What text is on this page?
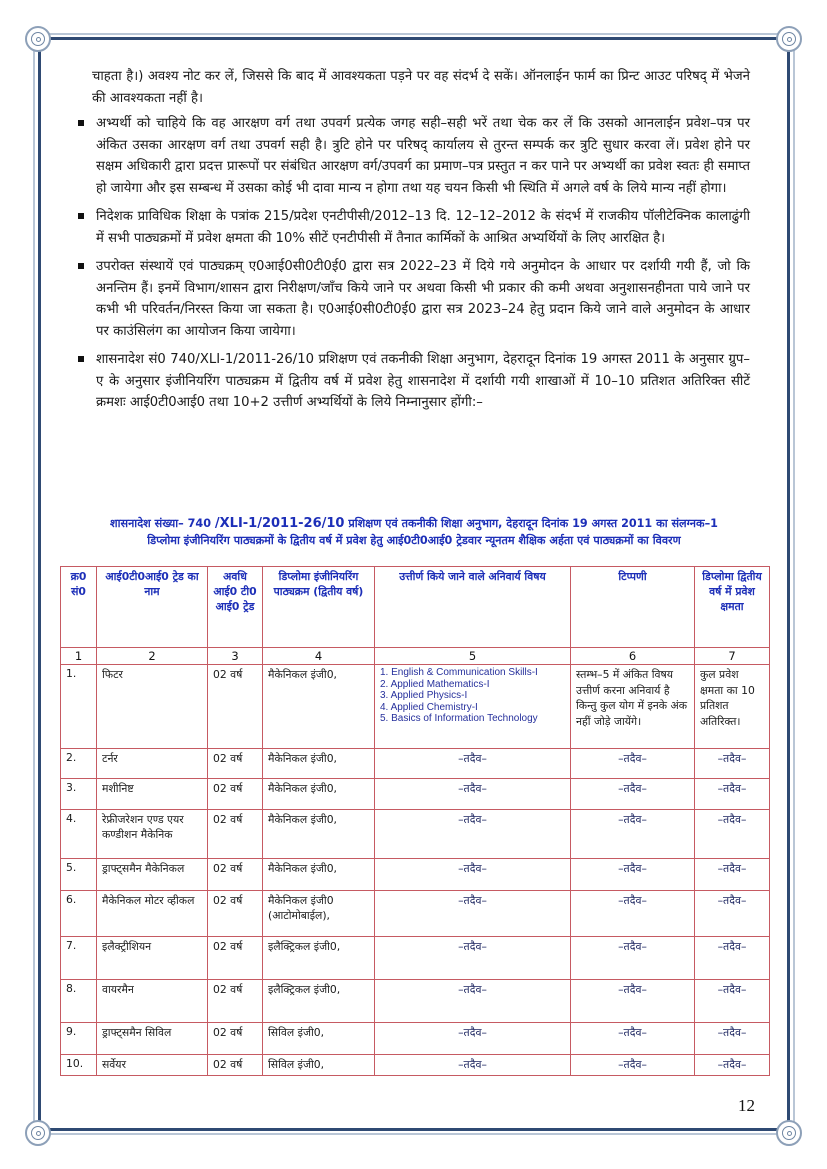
चाहता है।) अवश्य नोट कर लें, जिससे कि बाद में आवश्यकता पड़ने पर वह संदर्भ दे सकें। ऑनलाईन फार्म का प्रिन्ट आउट परिषद् में भेजने की आवश्यकता नहीं है।

अभ्यर्थी को चाहिये कि वह आरक्षण वर्ग तथा उपवर्ग प्रत्येक जगह सही–सही भरें तथा चेक कर लें कि उसको आनलाईन प्रवेश–पत्र पर अंकित उसका आरक्षण वर्ग तथा उपवर्ग सही है। त्रुटि होने पर परिषद् कार्यालय से तुरन्त सम्पर्क कर त्रुटि सुधार करवा लें। प्रवेश होने पर सक्षम अधिकारी द्वारा प्रदत्त प्रारूपों पर संबंधित आरक्षण वर्ग/उपवर्ग का प्रमाण–पत्र प्रस्तुत न कर पाने पर अभ्यर्थी का प्रवेश स्वतः ही समाप्त हो जायेगा और इस सम्बन्ध में उसका कोई भी दावा मान्य न होगा तथा यह चयन किसी भी स्थिति में अगले वर्ष के लिये मान्य नहीं होगा।

निदेशक प्राविधिक शिक्षा के पत्रांक 215/प्रदेश एनटीपीसी/2012–13 दि. 12–12–2012 के संदर्भ में राजकीय पॉलीटेक्निक कालाढुंगी में सभी पाठ्यक्रमों में प्रवेश क्षमता की 10% सीटें एनटीपीसी में तैनात कार्मिकों के आश्रित अभ्यर्थियों के लिए आरक्षित है।

उपरोक्त संस्थायें एवं पाठ्यक्रम् ए0आई0सी0टी0ई0 द्वारा सत्र 2022–23 में दिये गये अनुमोदन के आधार पर दर्शायी गयी हैं, जो कि अनन्तिम हैं। इनमें विभाग/शासन द्वारा निरीक्षण/जाँच किये जाने पर अथवा किसी भी प्रकार की कमी अथवा अनुशासनहीनता पाये जाने पर कभी भी परिवर्तन/निरस्त किया जा सकता है। ए0आई0सी0टी0ई0 द्वारा सत्र 2023–24 हेतु प्रदान किये जाने वाले अनुमोदन के आधार पर काउंसिलंग का आयोजन किया जायेगा।

शासनादेश सं0 740/XLI-1/2011-26/10 प्रशिक्षण एवं तकनीकी शिक्षा अनुभाग, देहरादून दिनांक 19 अगस्त 2011 के अनुसार ग्रुप–ए के अनुसार इंजीनियरिंग पाठ्यक्रम में द्वितीय वर्ष में प्रवेश हेतु शासनादेश में दर्शायी गयी शाखाओं में 10–10 प्रतिशत अतिरिक्त सीटें क्रमशः आई0टी0आई0 तथा 10+2 उत्तीर्ण अभ्यर्थियों के लिये निम्नानुसार होंगी:–

शासनादेश संख्या– 740 /XLI-1/2011-26/10 प्रशिक्षण एवं तकनीकी शिक्षा अनुभाग, देहरादून दिनांक 19 अगस्त 2011 का संलग्नक–1
डिप्लोमा इंजीनियरिंग पाठ्यक्रमों के द्वितीय वर्ष में प्रवेश हेतु आई0टी0आई0 ट्रेडवार न्यूनतम शैक्षिक अर्हता एवं पाठ्यक्रमों का विवरण
क्र0 सं0	आई0टी0आई0 ट्रेड का नाम	अवधि आई0 टी0 आई0 ट्रेड	डिप्लोमा इंजीनियरिंग पाठ्यक्रम (द्वितीय वर्ष)	उत्तीर्ण किये जाने वाले अनिवार्य विषय	टिप्पणी	डिप्लोमा द्वितीय वर्ष में प्रवेश क्षमता
1	2	3	4	5	6	7
1.	फिटर	02 वर्ष	मैकेनिकल इंजी0,	1. English & Communication Skills-I
2. Applied Mathematics-I
3. Applied Physics-I
4. Applied Chemistry-I
5. Basics of Information Technology	स्तम्भ–5 में अंकित विषय उत्तीर्ण करना अनिवार्य है किन्तु कुल योग में इनके अंक नहीं जोड़े जायेंगे।	कुल प्रवेश क्षमता का 10 प्रतिशत अतिरिक्त।
2.	टर्नर	02 वर्ष	मैकेनिकल इंजी0,	–तदैव–	–तदैव–	–तदैव–
3.	मशीनिष्ट	02 वर्ष	मैकेनिकल इंजी0,	–तदैव–	–तदैव–	–तदैव–
4.	रेफ्रीजरेशन एण्ड एयर कण्डीशन मैकेनिक	02 वर्ष	मैकेनिकल इंजी0,	–तदैव–	–तदैव–	–तदैव–
5.	ड्राफ्ट्समैन मैकेनिकल	02 वर्ष	मैकेनिकल इंजी0,	–तदैव–	–तदैव–	–तदैव–
6.	मैकेनिकल मोटर व्हीकल	02 वर्ष	मैकेनिकल इंजी0 (आटोमोबाईल),	–तदैव–	–तदैव–	–तदैव–
7.	इलैक्ट्रीशियन	02 वर्ष	इलैक्ट्रिकल इंजी0,	–तदैव–	–तदैव–	–तदैव–
8.	वायरमैन	02 वर्ष	इलैक्ट्रिकल इंजी0,	–तदैव–	–तदैव–	–तदैव–
9.	ड्राफ्ट्समैन सिविल	02 वर्ष	सिविल इंजी0,	–तदैव–	–तदैव–	–तदैव–
10.	सर्वेयर	02 वर्ष	सिविल इंजी0,	–तदैव–	–तदैव–	–तदैव–
12
